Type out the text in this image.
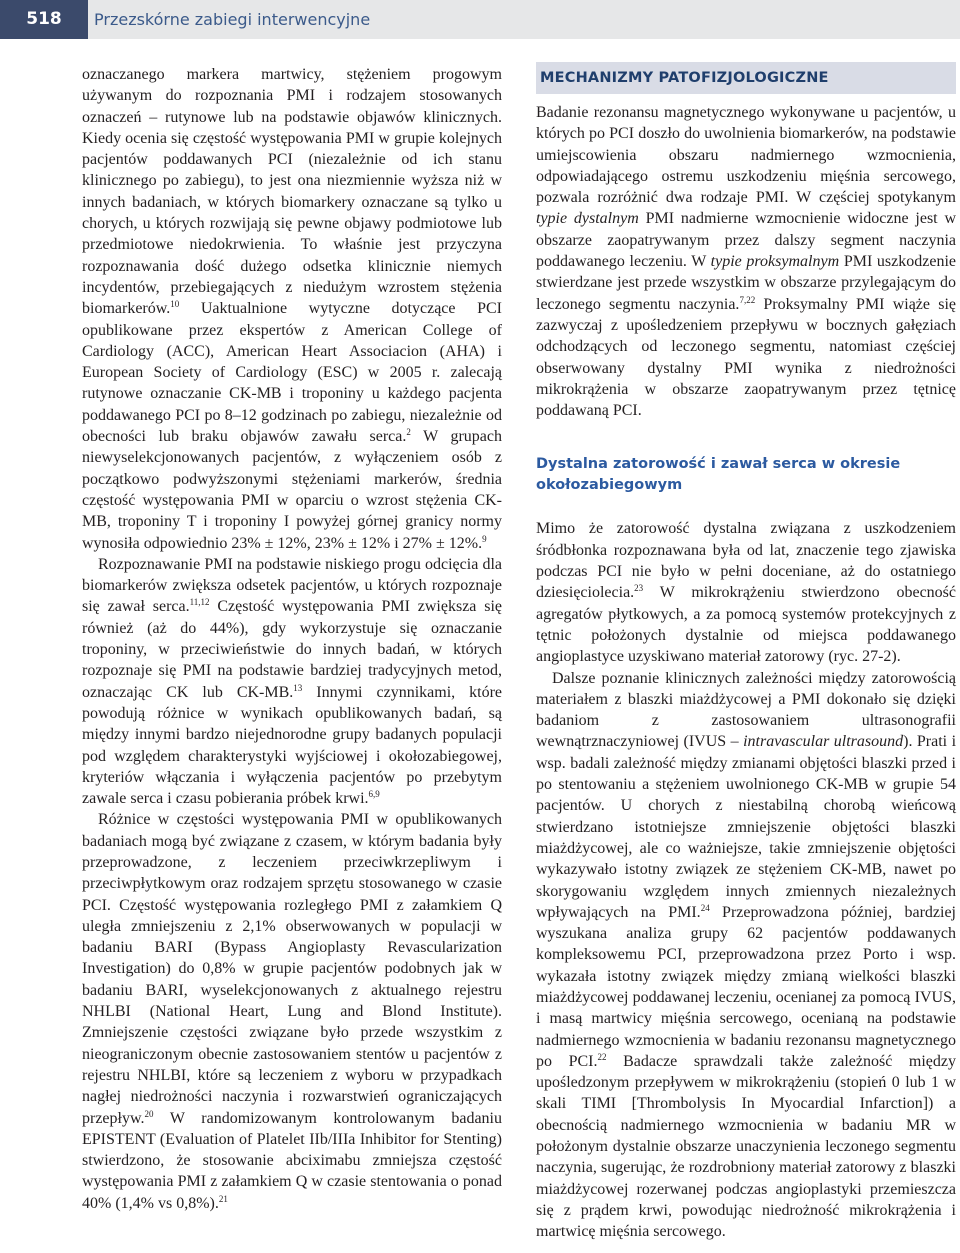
518	Przezskórne zabiegi interwencyjne

oznaczanego markera martwicy, stężeniem progowym używanym do rozpoznania PMI i rodzajem stosowanych oznaczeń – rutynowe lub na podstawie objawów klinicznych. Kiedy ocenia się częstość występowania PMI w grupie kolejnych pacjentów poddawanych PCI (niezależnie od ich stanu klinicznego po zabiegu), to jest ona niezmiennie wyższa niż w innych badaniach, w których biomarkery oznaczane są tylko u chorych, u których rozwijają się pewne objawy podmiotowe lub przedmiotowe niedokrwienia. To właśnie jest przyczyna rozpoznawania dość dużego odsetka klinicznie niemych incydentów, przebiegających z niedużym wzrostem stężenia biomarkerów.$^{10}$ Uaktualnione wytyczne dotyczące PCI opublikowane przez ekspertów z American College of Cardiology (ACC), American Heart Associacion (AHA) i European Society of Cardiology (ESC) w 2005 r. zalecają rutynowe oznaczanie CK-MB i troponiny u każdego pacjenta poddawanego PCI po 8–12 godzinach po zabiegu, niezależnie od obecności lub braku objawów zawału serca.$^2$ W grupach niewyselekcjonowanych pacjentów, z wyłączeniem osób z początkowo podwyższonymi stężeniami markerów, średnia częstość występowania PMI w oparciu o wzrost stężenia CK-MB, troponiny T i troponiny I powyżej górnej granicy normy wynosiła odpowiednio 23% ± 12%, 23% ± 12% i 27% ± 12%.$^9$

Rozpoznawanie PMI na podstawie niskiego progu odcięcia dla biomarkerów zwiększa odsetek pacjentów, u których rozpoznaje się zawał serca.$^{11,12}$ Częstość występowania PMI zwiększa się również (aż do 44%), gdy wykorzystuje się oznaczanie troponiny, w przeciwieństwie do innych badań, w których rozpoznaje się PMI na podstawie bardziej tradycyjnych metod, oznaczając CK lub CK-MB.$^{13}$ Innymi czynnikami, które powodują różnice w wynikach opublikowanych badań, są między innymi bardzo niejednorodne grupy badanych populacji pod względem charakterystyki wyjściowej i okołozabiegowej, kryteriów włączania i wyłączenia pacjentów po przebytym zawale serca i czasu pobierania próbek krwi.$^{6,9}$

Różnice w częstości występowania PMI w opublikowanych badaniach mogą być związane z czasem, w którym badania były przeprowadzone, z leczeniem przeciwkrzepliwym i przeciwpłytkowym oraz rodzajem sprzętu stosowanego w czasie PCI. Częstość występowania rozległego PMI z załamkiem Q uległa zmniejszeniu z 2,1% obserwowanych w populacji w badaniu BARI (Bypass Angioplasty Revascularization Investigation) do 0,8% w grupie pacjentów podobnych jak w badaniu BARI, wyselekcjonowanych z aktualnego rejestru NHLBI (National Heart, Lung and Blond Institute). Zmniejszenie częstości związane było przede wszystkim z nieograniczonym obecnie zastosowaniem stentów u pacjentów z rejestru NHLBI, które są leczeniem z wyboru w przypadkach nagłej niedrożności naczynia i rozwarstwień ograniczających przepływ.$^{20}$ W randomizowanym kontrolowanym badaniu EPISTENT (Evaluation of Platelet IIb/IIIa Inhibitor for Stenting) stwierdzono, że stosowanie abciximabu zmniejsza częstość występowania PMI z załamkiem Q w czasie stentowania o ponad 40% (1,4% vs 0,8%).$^{21}$

MECHANIZMY PATOFIZJOLOGICZNE

Badanie rezonansu magnetycznego wykonywane u pacjentów, u których po PCI doszło do uwolnienia biomarkerów, na podstawie umiejscowienia obszaru nadmiernego wzmocnienia, odpowiadającego ostremu uszkodzeniu mięśnia sercowego, pozwala rozróżnić dwa rodzaje PMI. W częściej spotykanym typie dystalnym PMI nadmierne wzmocnienie widoczne jest w obszarze zaopatrywanym przez dalszy segment naczynia poddawanego leczeniu. W typie proksymalnym PMI uszkodzenie stwierdzane jest przede wszystkim w obszarze przylegającym do leczonego segmentu naczynia.$^{7,22}$ Proksymalny PMI wiąże się zazwyczaj z upośledzeniem przepływu w bocznych gałęziach odchodzących od leczonego segmentu, natomiast częściej obserwowany dystalny PMI wynika z niedrożności mikrokrążenia w obszarze zaopatrywanym przez tętnicę poddawaną PCI.

Dystalna zatorowość i zawał serca w okresie okołozabiegowym

Mimo że zatorowość dystalna związana z uszkodzeniem śródbłonka rozpoznawana była od lat, znaczenie tego zjawiska podczas PCI nie było w pełni doceniane, aż do ostatniego dziesięciolecia.$^{23}$ W mikrokrążeniu stwierdzono obecność agregatów płytkowych, a za pomocą systemów protekcyjnych z tętnic położonych dystalnie od miejsca poddawanego angioplastyce uzyskiwano materiał zatorowy (ryc. 27-2).

Dalsze poznanie klinicznych zależności między zatorowością materiałem z blaszki miażdżycowej a PMI dokonało się dzięki badaniom z zastosowaniem ultrasonografii wewnątrznaczyniowej (IVUS – intravascular ultrasound). Prati i wsp. badali zależność między zmianami objętości blaszki przed i po stentowaniu a stężeniem uwolnionego CK-MB w grupie 54 pacjentów. U chorych z niestabilną chorobą wieńcową stwierdzano istotniejsze zmniejszenie objętości blaszki miażdżycowej, ale co ważniejsze, takie zmniejszenie objętości wykazywało istotny związek ze stężeniem CK-MB, nawet po skorygowaniu względem innych zmiennych niezależnych wpływających na PMI.$^{24}$ Przeprowadzona później, bardziej wyszukana analiza grupy 62 pacjentów poddawanych kompleksowemu PCI, przeprowadzona przez Porto i wsp. wykazała istotny związek między zmianą wielkości blaszki miażdżycowej poddawanej leczeniu, ocenianej za pomocą IVUS, i masą martwicy mięśnia sercowego, ocenianą na podstawie nadmiernego wzmocnienia w badaniu rezonansu magnetycznego po PCI.$^{22}$ Badacze sprawdzali także zależność między upośledzonym przepływem w mikrokrążeniu (stopień 0 lub 1 w skali TIMI [Thrombolysis In Myocardial Infarction]) a obecnością nadmiernego wzmocnienia w badaniu MR w położonym dystalnie obszarze unaczynienia leczonego segmentu naczynia, sugerując, że rozdrobniony materiał zatorowy z blaszki miażdżycowej rozerwanej podczas angioplastyki przemieszcza się z prądem krwi, powodując niedrożność mikrokrążenia i martwicę mięśnia sercowego.
